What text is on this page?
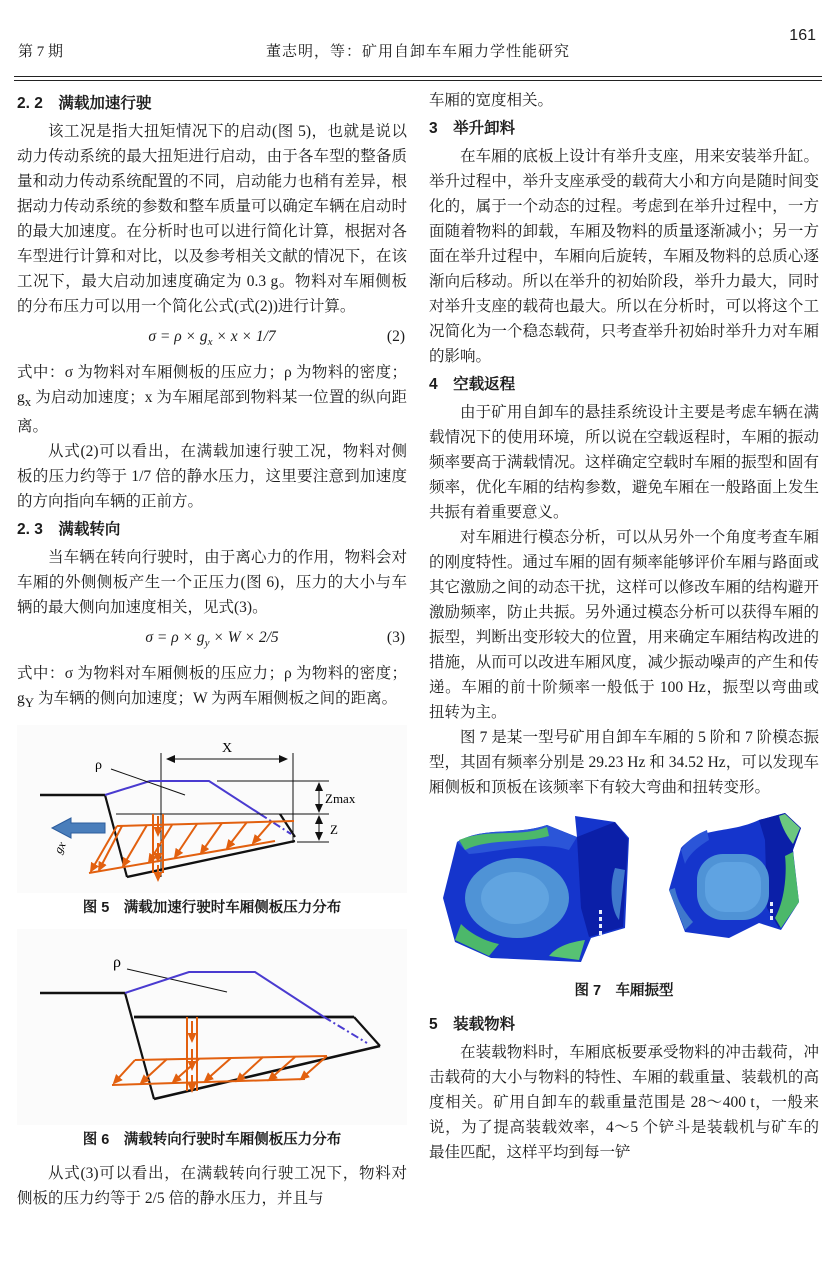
第 7 期	董志明，等：矿用自卸车车厢力学性能研究
161
2. 2　满载加速行驶

该工况是指大扭矩情况下的启动(图 5)，也就是说以动力传动系统的最大扭矩进行启动，由于各车型的整备质量和动力传动系统配置的不同，启动能力也稍有差异，根据动力传动系统的参数和整车质量可以确定车辆在启动时的最大加速度。在分析时也可以进行简化计算，根据对各车型进行计算和对比，以及参考相关文献的情况下，在该工况下，最大启动加速度确定为 0.3 g。物料对车厢侧板的分布压力可以用一个简化公式(式(2))进行计算。

$\sigma = \rho \times g_x \times x \times 1/7$	(2)

式中：σ 为物料对车厢侧板的压应力；ρ 为物料的密度；$g_x$ 为启动加速度；x 为车厢尾部到物料某一位置的纵向距离。

从式(2)可以看出，在满载加速行驶工况，物料对侧板的压力约等于 1/7 倍的静水压力，这里要注意到加速度的方向指向车辆的正前方。

2. 3　满载转向

当车辆在转向行驶时，由于离心力的作用，物料会对车厢的外侧侧板产生一个正压力(图 6)，压力的大小与车辆的最大侧向加速度相关，见式(3)。

$\sigma = \rho \times g_y \times W \times 2/5$	(3)

式中：σ 为物料对车厢侧板的压应力；ρ 为物料的密度；$g_Y$ 为车辆的侧向加速度；W 为两车厢侧板之间的距离。

X
Zmax
Z
ρ
gx
图 5　满载加速行驶时车厢侧板压力分布
ρ
图 6　满载转向行驶时车厢侧板压力分布

从式(3)可以看出，在满载转向行驶工况下，物料对侧板的压力约等于 2/5 倍的静水压力，并且与

车厢的宽度相关。

3　举升卸料

在车厢的底板上设计有举升支座，用来安装举升缸。举升过程中，举升支座承受的载荷大小和方向是随时间变化的，属于一个动态的过程。考虑到在举升过程中，一方面随着物料的卸载，车厢及物料的质量逐渐减小；另一方面在举升过程中，车厢向后旋转，车厢及物料的总质心逐渐向后移动。所以在举升的初始阶段，举升力最大，同时对举升支座的载荷也最大。所以在分析时，可以将这个工况简化为一个稳态载荷，只考查举升初始时举升力对车厢的影响。

4　空载返程

由于矿用自卸车的悬挂系统设计主要是考虑车辆在满载情况下的使用环境，所以说在空载返程时，车厢的振动频率要高于满载情况。这样确定空载时车厢的振型和固有频率，优化车厢的结构参数，避免车厢在一般路面上发生共振有着重要意义。

对车厢进行模态分析，可以从另外一个角度考查车厢的刚度特性。通过车厢的固有频率能够评价车厢与路面或其它激励之间的动态干扰，这样可以修改车厢的结构避开激励频率，防止共振。另外通过模态分析可以获得车厢的振型，判断出变形较大的位置，用来确定车厢结构改进的措施，从而可以改进车厢风度，减少振动噪声的产生和传递。车厢的前十阶频率一般低于 100 Hz，振型以弯曲或扭转为主。

图 7 是某一型号矿用自卸车车厢的 5 阶和 7 阶模态振型，其固有频率分别是 29.23 Hz 和 34.52 Hz，可以发现车厢侧板和顶板在该频率下有较大弯曲和扭转变形。

图 7　车厢振型
5　装载物料

在装载物料时，车厢底板要承受物料的冲击载荷，冲击载荷的大小与物料的特性、车厢的载重量、装载机的高度相关。矿用自卸车的载重量范围是 28～400 t，一般来说，为了提高装载效率，4～5 个铲斗是装载机与矿车的最佳匹配，这样平均到每一铲
